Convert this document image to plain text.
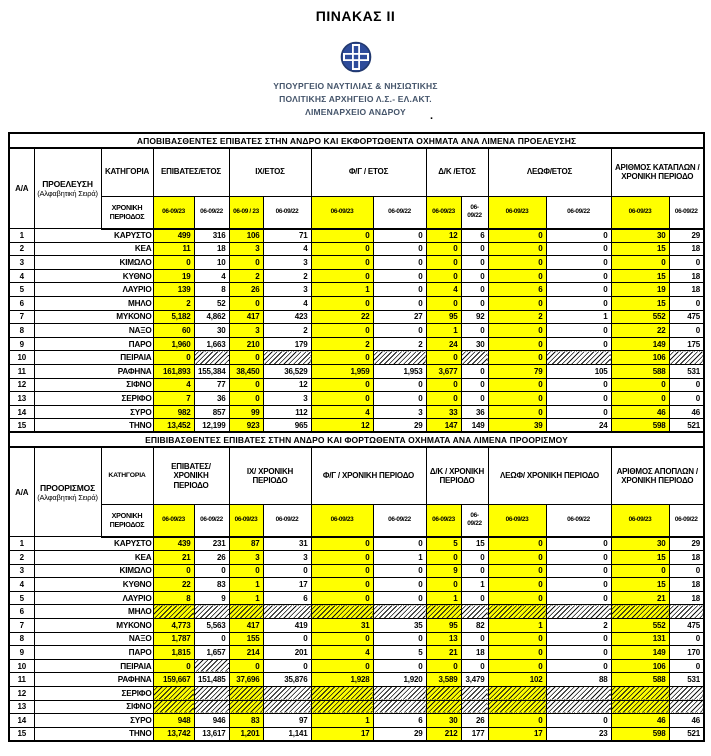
ΠΙΝΑΚΑΣ ΙΙ
ΥΠΟΥΡΓΕΙΟ ΝΑΥΤΙΛΙΑΣ & ΝΗΣΙΩΤΙΚΗΣ
ΠΟΛΙΤΙΚΗΣ ΑΡΧΗΓΕΙΟ Λ.Σ.- ΕΛ.ΑΚΤ.
ΛΙΜΕΝΑΡΧΕΙΟ ΑΝΔΡΟΥ	.
ΑΠΟΒΙΒΑΣΘΕΝΤΕΣ ΕΠΙΒΑΤΕΣ ΣΤΗΝ ΑΝΔΡΟ ΚΑΙ ΕΚΦΟΡΤΩΘΕΝΤΑ ΟΧΗΜΑΤΑ ΑΝΑ ΛΙΜΕΝΑ ΠΡΟΕΛΕΥΣΗΣ														
Α/Α	ΠΡΟΕΛΕΥΣΗ
(Αλφαβητική Σειρά)	ΚΑΤΗΓΟΡΙΑ	ΕΠΙΒΑΤΕΣ/ΕΤΟΣ		ΙΧ/ΕΤΟΣ		Φ/Γ / ΕΤΟΣ		Δ/Κ /ΕΤΟΣ		ΛΕΩΦ/ΕΤΟΣ		ΑΡΙΘΜΟΣ ΚΑΤΑΠΛΩΝ / ΧΡΟΝΙΚΗ ΠΕΡΙΟΔΟ	
		ΧΡΟΝΙΚΗ ΠΕΡΙΟΔΟΣ	06-09/23	06-09/22	06-09 / 23	06-09/22	06-09/23	06-09/22	06-09/23	06-09/22	06-09/23	06-09/22	06-09/23	06-09/22
1	ΚΑΡΥΣΤΟ		499	316	106	71	0	0	12	6	0	0	30	29
2	ΚΕΑ		11	18	3	4	0	0	0	0	0	0	15	18
3	ΚΙΜΩΛΟ		0	10	0	3	0	0	0	0	0	0	0	0
4	ΚΥΘΝΟ		19	4	2	2	0	0	0	0	0	0	15	18
5	ΛΑΥΡΙΟ		139	8	26	3	1	0	4	0	6	0	19	18
6	ΜΗΛΟ		2	52	0	4	0	0	0	0	0	0	15	0
7	ΜΥΚΟΝΟ		5,182	4,862	417	423	22	27	95	92	2	1	552	475
8	ΝΑΞΟ		60	30	3	2	0	0	1	0	0	0	22	0
9	ΠΑΡΟ		1,960	1,663	210	179	2	2	24	30	0	0	149	175
10	ΠΕΙΡΑΙΑ		0		0		0		0		0		106	
11	ΡΑΦΗΝΑ		161,893	155,384	38,450	36,529	1,959	1,953	3,677	0	79	105	588	531
12	ΣΙΦΝΟ		4	77	0	12	0	0	0	0	0	0	0	0
13	ΣΕΡΙΦΟ		7	36	0	3	0	0	0	0	0	0	0	0
14	ΣΥΡΟ		982	857	99	112	4	3	33	36	0	0	46	46
15	ΤΗΝΟ		13,452	12,199	923	965	12	29	147	149	39	24	598	521
ΕΠΙΒΙΒΑΣΘΕΝΤΕΣ ΕΠΙΒΑΤΕΣ ΣΤΗΝ ΑΝΔΡΟ ΚΑΙ ΦΟΡΤΩΘΕΝΤΑ ΟΧΗΜΑΤΑ ΑΝΑ ΛΙΜΕΝΑ ΠΡΟΟΡΙΣΜΟΥ														
Α/Α	ΠΡΟΟΡΙΣΜΟΣ
(Αλφαβητική Σειρά)	ΚΑΤΗΓΟΡΙΑ	ΕΠΙΒΑΤΕΣ/ ΧΡΟΝΙΚΗ ΠΕΡΙΟΔΟ		ΙΧ/ ΧΡΟΝΙΚΗ ΠΕΡΙΟΔΟ		Φ/Γ / ΧΡΟΝΙΚΗ ΠΕΡΙΟΔΟ		Δ/Κ / ΧΡΟΝΙΚΗ ΠΕΡΙΟΔΟ		ΛΕΩΦ/ ΧΡΟΝΙΚΗ ΠΕΡΙΟΔΟ		ΑΡΙΘΜΟΣ ΑΠΟΠΛΩΝ / ΧΡΟΝΙΚΗ ΠΕΡΙΟΔΟ	
		ΧΡΟΝΙΚΗ ΠΕΡΙΟΔΟΣ	06-09/23	06-09/22	06-09/23	06-09/22	06-09/23	06-09/22	06-09/23	06-09/22	06-09/23	06-09/22	06-09/23	06-09/22
1	ΚΑΡΥΣΤΟ		439	231	87	31	0	0	5	15	0	0	30	29
2	ΚΕΑ		21	26	3	3	0	1	0	0	0	0	15	18
3	ΚΙΜΩΛΟ		0	0	0	0	0	0	9	0	0	0	0	0
4	ΚΥΘΝΟ		22	83	1	17	0	0	0	1	0	0	15	18
5	ΛΑΥΡΙΟ		8	9	1	6	0	0	1	0	0	0	21	18
6	ΜΗΛΟ													
7	ΜΥΚΟΝΟ		4,773	5,563	417	419	31	35	95	82	1	2	552	475
8	ΝΑΞΟ		1,787	0	155	0	0	0	13	0	0	0	131	0
9	ΠΑΡΟ		1,815	1,657	214	201	4	5	21	18	0	0	149	170
10	ΠΕΙΡΑΙΑ		0		0	0	0	0	0	0	0	0	106	0
11	ΡΑΦΗΝΑ		159,667	151,485	37,696	35,876	1,928	1,920	3,589	3,479	102	88	588	531
12	ΣΕΡΙΦΟ													
13	ΣΙΦΝΟ													
14	ΣΥΡΟ		948	946	83	97	1	6	30	26	0	0	46	46
15	ΤΗΝΟ		13,742	13,617	1,201	1,141	17	29	212	177	17	23	598	521
